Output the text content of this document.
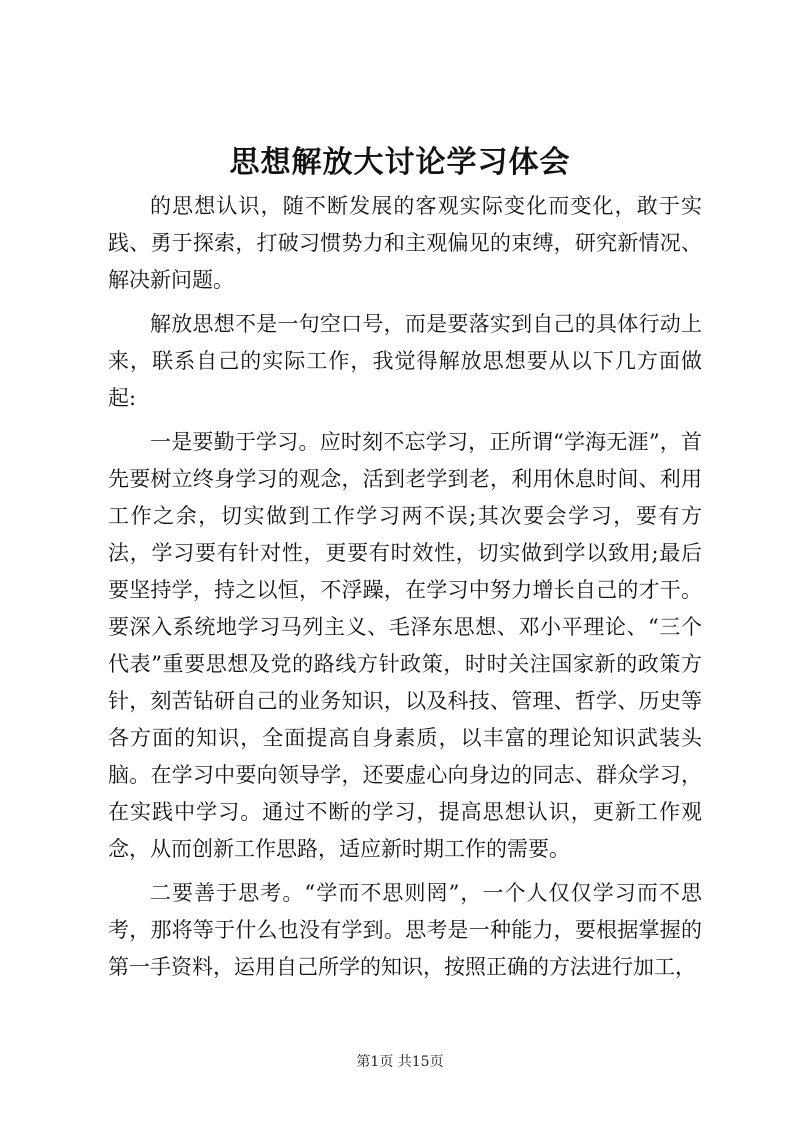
思想解放大讨论学习体会

的思想认识，随不断发展的客观实际变化而变化，敢于实践、勇于探索，打破习惯势力和主观偏见的束缚，研究新情况、解决新问题。

解放思想不是一句空口号，而是要落实到自己的具体行动上来，联系自己的实际工作，我觉得解放思想要从以下几方面做起:

一是要勤于学习。应时刻不忘学习，正所谓“学海无涯”，首先要树立终身学习的观念，活到老学到老，利用休息时间、利用工作之余，切实做到工作学习两不误;其次要会学习，要有方法，学习要有针对性，更要有时效性，切实做到学以致用;最后要坚持学，持之以恒，不浮躁，在学习中努力增长自己的才干。要深入系统地学习马列主义、毛泽东思想、邓小平理论、“三个代表”重要思想及党的路线方针政策，时时关注国家新的政策方针，刻苦钻研自己的业务知识，以及科技、管理、哲学、历史等各方面的知识，全面提高自身素质，以丰富的理论知识武装头脑。在学习中要向领导学，还要虚心向身边的同志、群众学习，在实践中学习。通过不断的学习，提高思想认识，更新工作观念，从而创新工作思路，适应新时期工作的需要。

二要善于思考。“学而不思则罔”，一个人仅仅学习而不思考，那将等于什么也没有学到。思考是一种能力，要根据掌握的第一手资料，运用自己所学的知识，按照正确的方法进行加工，

第1页 共15页
